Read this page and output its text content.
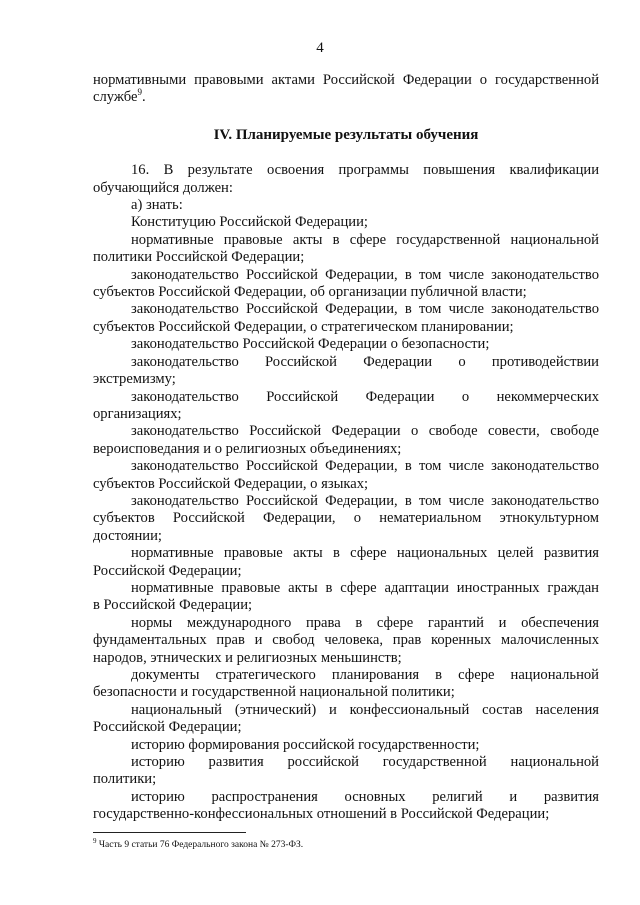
4
нормативными правовыми актами Российской Федерации о государственной
службе$^9$.
IV. Планируемые результаты обучения
16. В результате освоения программы повышения квалификации
обучающийся должен:
а) знать:
Конституцию Российской Федерации;
нормативные правовые акты в сфере государственной национальной
политики Российской Федерации;
законодательство Российской Федерации, в том числе законодательство
субъектов Российской Федерации, об организации публичной власти;
законодательство Российской Федерации, в том числе законодательство
субъектов Российской Федерации, о стратегическом планировании;
законодательство Российской Федерации о безопасности;
законодательство Российской Федерации о противодействии
экстремизму;
законодательство Российской Федерации о некоммерческих
организациях;
законодательство Российской Федерации о свободе совести, свободе
вероисповедания и о религиозных объединениях;
законодательство Российской Федерации, в том числе законодательство
субъектов Российской Федерации, о языках;
законодательство Российской Федерации, в том числе законодательство
субъектов Российской Федерации, о нематериальном этнокультурном
достоянии;
нормативные правовые акты в сфере национальных целей развития
Российской Федерации;
нормативные правовые акты в сфере адаптации иностранных граждан
в Российской Федерации;
нормы международного права в сфере гарантий и обеспечения
фундаментальных прав и свобод человека, прав коренных малочисленных
народов, этнических и религиозных меньшинств;
документы стратегического планирования в сфере национальной
безопасности и государственной национальной политики;
национальный (этнический) и конфессиональный состав населения
Российской Федерации;
историю формирования российской государственности;
историю развития российской государственной национальной
политики;
историю распространения основных религий и развития
государственно-конфессиональных отношений в Российской Федерации;
$^9$ Часть 9 статьи 76 Федерального закона № 273-ФЗ.
